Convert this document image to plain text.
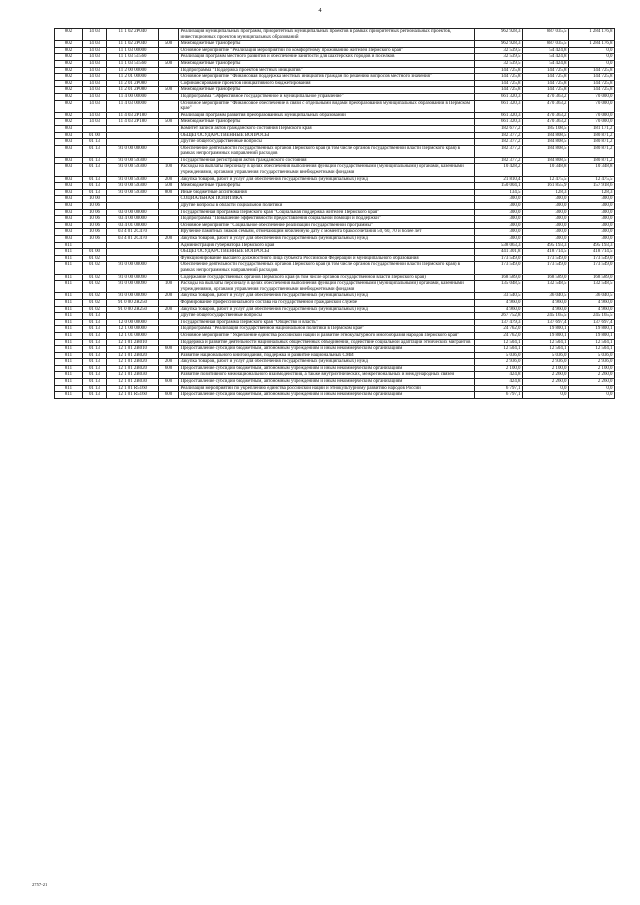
4
802	14 03	11 1 02 2P040		Реализация муниципальных программ, приоритетных муниципальных проектов в рамках приоритетных региональных проектов, инвестиционных проектов муниципальных образований	962 928,3	887 035,5	1 284 176,8
802	14 03	11 1 02 2P040	500	Межбюджетные трансферты	962 928,3	887 035,5	1 284 176,8
802	14 03	11 1 03 00000		Основное мероприятие "Реализация мероприятий по комфортному проживанию жителей Пермского края"	32 539,5	54 424,8	0,0
802	14 03	11 1 03 51560		Реализация программ местного развития и обеспечение занятости для шахтерских городов и поселков	32 539,5	54 424,8	0,0
802	14 03	11 1 03 51560	500	Межбюджетные трансферты	32 539,5	54 424,8	0,0
802	14 03	11 2 00 00000		Подпрограмма "Поддержка проектов местных инициатив"	144 725,8	144 725,8	144 725,8
802	14 03	11 2 01 00000		Основное мероприятие "Финансовая поддержка местных инициатив граждан по решению вопросов местного значения"	144 725,8	144 725,8	144 725,8
802	14 03	11 2 01 2P080		Софинансирование проектов инициативного бюджетирования	144 725,8	144 725,8	144 725,8
802	14 03	11 2 01 2P080	500	Межбюджетные трансферты	144 725,8	144 725,8	144 725,8
802	14 03	11 4 00 00000		Подпрограмма "Эффективное государственное и муниципальное управление"	661 320,3	470 363,2	70 000,0
802	14 03	11 4 03 00000		Основное мероприятие "Финансовое обеспечение в связи с отдельными видами преобразования муниципальных образований в Пермском крае"	661 320,3	470 363,2	70 000,0
802	14 03	11 4 03 2P180		Реализация программ развития преобразованных муниципальных образований	661 320,3	470 363,2	70 000,0
802	14 03	11 4 03 2P180	500	Межбюджетные трансферты	661 320,3	470 363,2	70 000,0
803				Комитет записи актов гражданского состояния Пермского края	182 677,2	185 108,5	181 171,2
803	01 00			ОБЩЕГОСУДАРСТВЕННЫЕ ВОПРОСЫ	182 377,2	184 808,5	180 871,2
803	01 13			Другие общегосударственные вопросы	182 377,2	184 808,5	180 871,2
803	01 13	91 0 00 00000		Обеспечение деятельности государственных органов Пермского края (в том числе органов государственной власти Пермского края) в рамках непрограммных направлений расходов	182 377,2	184 808,5	180 871,2
803	01 13	91 0 00 59300		Государственная регистрация актов гражданского состояния	182 377,2	184 808,5	180 871,2
803	01 13	91 0 00 59300	100	Расходы на выплаты персоналу в целях обеспечения выполнения функций государственными (муниципальными) органами, казенными учреждениями, органами управления государственными внебюджетными фондами	10 428,2	10 348,8	10 348,8
803	01 13	91 0 00 59300	200	Закупка товаров, работ и услуг для обеспечения государственных (муниципальных) нужд	21 810,4	12 475,5	12 475,5
803	01 13	91 0 00 59300	500	Межбюджетные трансферты	150 004,1	161 855,9	157 918,6
803	01 13	91 0 00 59300	800	Иные бюджетные ассигнования	134,5	128,3	128,3
803	10 00			СОЦИАЛЬНАЯ ПОЛИТИКА	300,0	300,0	300,0
803	10 06			Другие вопросы в области социальной политики	300,0	300,0	300,0
803	10 06	03 0 00 00000		Государственная программа Пермского края "Социальная поддержка жителей Пермского края"	300,0	300,0	300,0
803	10 06	03 4 00 00000		Подпрограмма "Повышение эффективности предоставления социальной помощи и поддержки"	300,0	300,0	300,0
803	10 06	03 4 01 00000		Основное мероприятие "Социальное обеспечение реализации государственной программы"	300,0	300,0	300,0
803	10 06	03 4 01 2C470		Вручение памятных знаков семьям, отмечающим юбилейную дату с момента бракосочетания 50, 60, 70 и более лет	300,0	300,0	300,0
803	10 06	03 4 01 2C470	200	Закупка товаров, работ и услуг для обеспечения государственных (муниципальных) нужд	300,0	300,0	300,0
811				Администрация губернатора Пермского края	538 063,3	495 193,3	495 193,3
811	01 00			ОБЩЕГОСУДАРСТВЕННЫЕ ВОПРОСЫ	441 301,8	418 714,5	418 714,5
811	01 02			Функционирование высшего должностного лица субъекта Российской Федерации и муниципального образования	173 549,0	173 549,0	173 549,0
811	01 02	91 0 00 00000		Обеспечение деятельности государственных органов Пермского края (в том числе органов государственной власти Пермского края) в рамках непрограммных направлений расходов	173 549,0	173 549,0	173 549,0
811	01 02	91 0 00 00090		Содержание государственных органов Пермского края (в том числе органов государственной власти Пермского края)	168 589,0	168 589,0	168 589,0
811	01 02	91 0 00 00090	100	Расходы на выплаты персоналу в целях обеспечения выполнения функций государственными (муниципальными) органами, казенными учреждениями, органами управления государственными внебюджетными фондами	135 048,5	132 548,5	132 548,5
811	01 02	91 0 00 00090	200	Закупка товаров, работ и услуг для обеспечения государственных (муниципальных) нужд	33 540,5	36 040,5	36 040,5
811	01 02	91 0 00 2R250		Формирование профессионального состава на государственной гражданской службе	4 960,0	4 960,0	4 960,0
811	01 02	91 0 00 2R250	200	Закупка товаров, работ и услуг для обеспечения государственных (муниципальных) нужд	4 960,0	4 960,0	4 960,0
811	01 13			Другие общегосударственные вопросы	267 752,8	245 165,5	245 165,5
811	01 13	12 0 00 00000		Государственная программа Пермского края "Общество и власть"	137 479,3	137 697,4	137 697,4
811	01 13	12 1 00 00000		Подпрограмма "Реализация государственной национальной политики в Пермском крае"	24 762,0	19 800,1	19 800,1
811	01 13	12 1 01 00000		Основное мероприятие "Укрепление единства российской нации и развитие этнокультурного многообразия народов Пермского края"	24 762,0	19 800,1	19 800,1
811	01 13	12 1 01 2B010		Поддержка и развитие деятельности национальных общественных объединений, содействие социальной адаптации этнических мигрантов	12 504,1	12 504,1	12 504,1
811	01 13	12 1 01 2B010	600	Предоставление субсидий бюджетным, автономным учреждениям и иным некоммерческим организациям	12 504,1	12 504,1	12 504,1
811	01 13	12 1 01 2B020		Развитие национального книгоиздания, поддержка и развитие национальных СМИ	5 036,0	5 036,0	5 036,0
811	01 13	12 1 01 2B020	200	Закупка товаров, работ и услуг для обеспечения государственных (муниципальных) нужд	2 936,0	2 936,0	2 936,0
811	01 13	12 1 01 2B020	600	Предоставление субсидий бюджетным, автономным учреждениям и иным некоммерческим организациям	2 100,0	2 100,0	2 100,0
811	01 13	12 1 01 2B030		Развитие позитивного межнационального взаимодействия, а также внутриэтнических, межрегиональных и международных связей	424,8	2 260,0	2 260,0
811	01 13	12 1 01 2B030	600	Предоставление субсидий бюджетным, автономным учреждениям и иным некоммерческим организациям	424,8	2 260,0	2 260,0
811	01 13	12 1 01 R5160		Реализация мероприятий по укреплению единства российской нации и этнокультурному развитию народов России	6 797,1	0,0	0,0
811	01 13	12 1 01 R5160	600	Предоставление субсидий бюджетным, автономным учреждениям и иным некоммерческим организациям	6 797,1	0,0	0,0
2757-21
